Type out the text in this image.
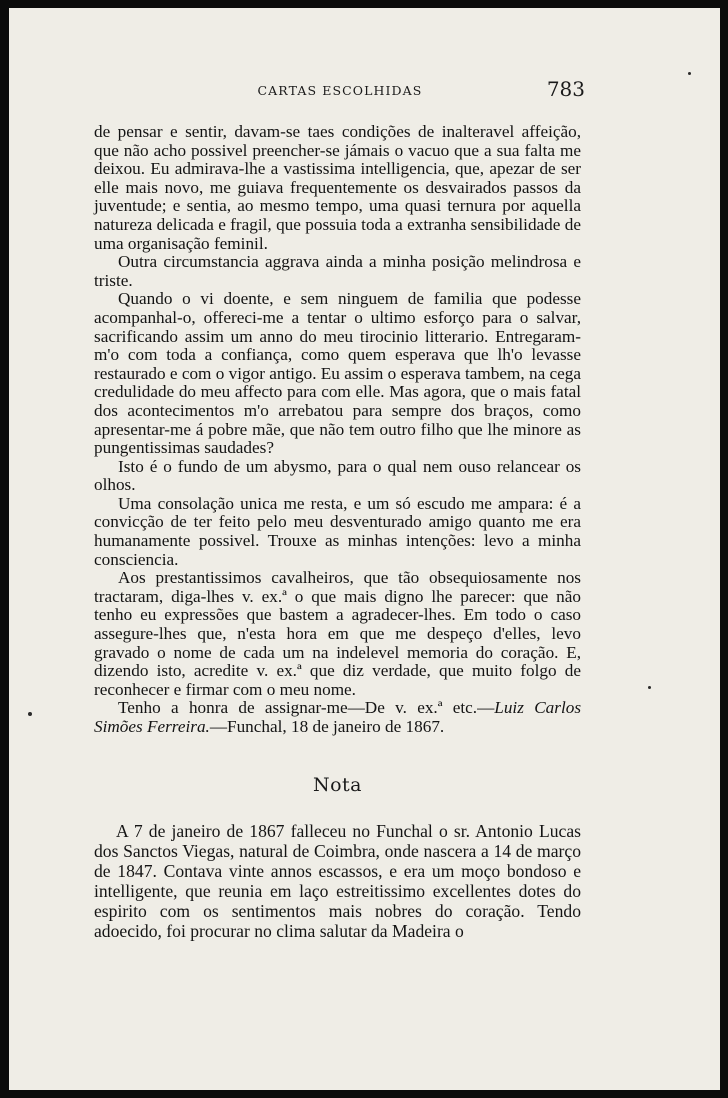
CARTAS ESCOLHIDAS	783

de pensar e sentir, davam-se taes condições de inalteravel affeição, que não acho possivel preencher-se jámais o vacuo que a sua falta me deixou. Eu admirava-lhe a vastissima intelligencia, que, apezar de ser elle mais novo, me guiava frequentemente os desvairados passos da juventude; e sentia, ao mesmo tempo, uma quasi ternura por aquella natureza delicada e fragil, que possuia toda a extranha sensibilidade de uma organisação feminil.

Outra circumstancia aggrava ainda a minha posição melindrosa e triste.

Quando o vi doente, e sem ninguem de familia que podesse acompanhal-o, offereci-me a tentar o ultimo esforço para o salvar, sacrificando assim um anno do meu tirocinio litterario. Entregaram-m'o com toda a confiança, como quem esperava que lh'o levasse restaurado e com o vigor antigo. Eu assim o esperava tambem, na cega credulidade do meu affecto para com elle. Mas agora, que o mais fatal dos acontecimentos m'o arrebatou para sempre dos braços, como apresentar-me á pobre mãe, que não tem outro filho que lhe minore as pungentissimas saudades?

Isto é o fundo de um abysmo, para o qual nem ouso relancear os olhos.

Uma consolação unica me resta, e um só escudo me ampara: é a convicção de ter feito pelo meu desventurado amigo quanto me era humanamente possivel. Trouxe as minhas intenções: levo a minha consciencia.

Aos prestantissimos cavalheiros, que tão obsequiosamente nos tractaram, diga-lhes v. ex.ª o que mais digno lhe parecer: que não tenho eu expressões que bastem a agradecer-lhes. Em todo o caso assegure-lhes que, n'esta hora em que me despeço d'elles, levo gravado o nome de cada um na indelevel memoria do coração. E, dizendo isto, acredite v. ex.ª que diz verdade, que muito folgo de reconhecer e firmar com o meu nome.

Tenho a honra de assignar-me—De v. ex.ª etc.—Luiz Carlos Simões Ferreira.—Funchal, 18 de janeiro de 1867.

Nota

A 7 de janeiro de 1867 falleceu no Funchal o sr. Antonio Lucas dos Sanctos Viegas, natural de Coimbra, onde nascera a 14 de março de 1847. Contava vinte annos escassos, e era um moço bondoso e intelligente, que reunia em laço estreitissimo excellentes dotes do espirito com os sentimentos mais nobres do coração. Tendo adoecido, foi procurar no clima salutar da Madeira o
